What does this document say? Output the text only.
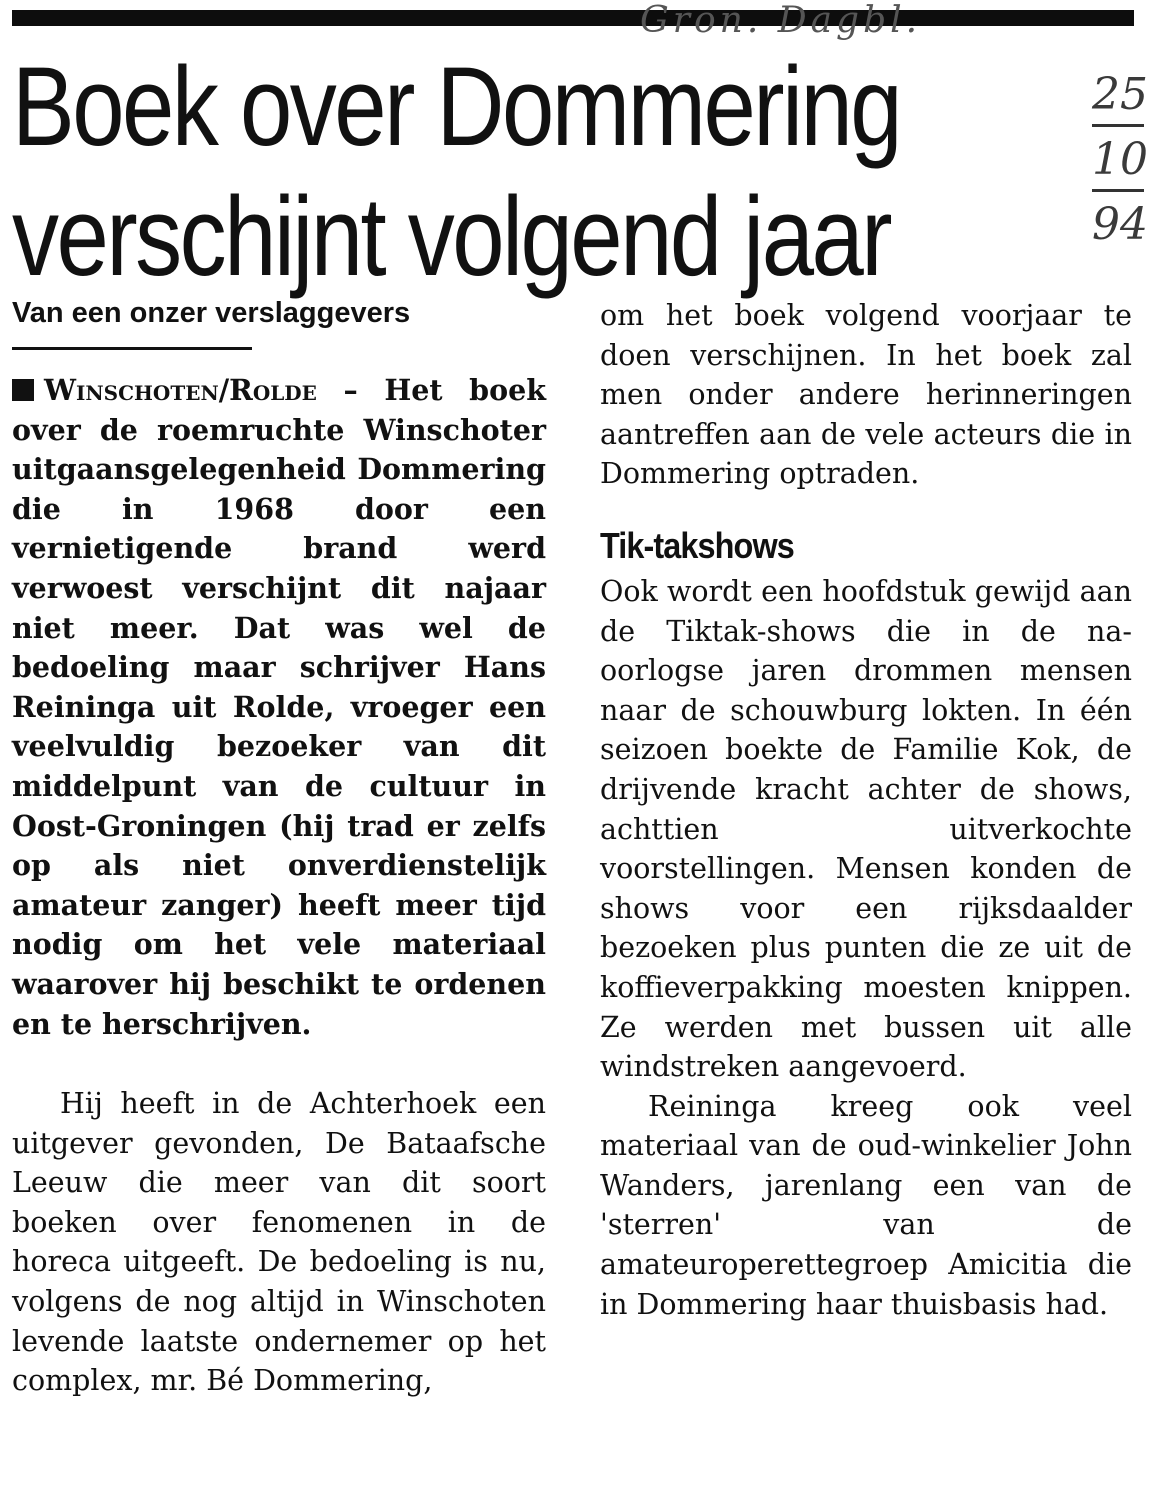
Gron. Dagbl.
25
10
94
Boek over Dommering
verschijnt volgend jaar
Van een onzer verslaggevers

Winschoten/Rolde – Het boek over de roemruchte Winschoter uitgaansgelegenheid Dommering die in 1968 door een vernietigende brand werd verwoest verschijnt dit najaar niet meer. Dat was wel de bedoeling maar schrijver Hans Reininga uit Rolde, vroeger een veelvuldig bezoeker van dit middelpunt van de cultuur in Oost-Groningen (hij trad er zelfs op als niet onverdienstelijk amateur zanger) heeft meer tijd nodig om het vele materiaal waarover hij beschikt te ordenen en te herschrijven.

Hij heeft in de Achterhoek een uitgever gevonden, De Bataafsche Leeuw die meer van dit soort boeken over fenomenen in de horeca uitgeeft. De bedoeling is nu, volgens de nog altijd in Winschoten levende laatste ondernemer op het complex, mr. Bé Dommering,

om het boek volgend voorjaar te doen verschijnen. In het boek zal men onder andere herinneringen aantreffen aan de vele acteurs die in Dommering optraden.

Tik-takshows

Ook wordt een hoofdstuk gewijd aan de Tiktak-shows die in de na-oorlogse jaren drommen mensen naar de schouwburg lokten. In één seizoen boekte de Familie Kok, de drijvende kracht achter de shows, achttien uitverkochte voorstellingen. Mensen konden de shows voor een rijksdaalder bezoeken plus punten die ze uit de koffieverpakking moesten knippen. Ze werden met bussen uit alle windstreken aangevoerd.

Reininga kreeg ook veel materiaal van de oud-winkelier John Wanders, jarenlang een van de 'sterren' van de amateuroperettegroep Amicitia die in Dommering haar thuisbasis had.
